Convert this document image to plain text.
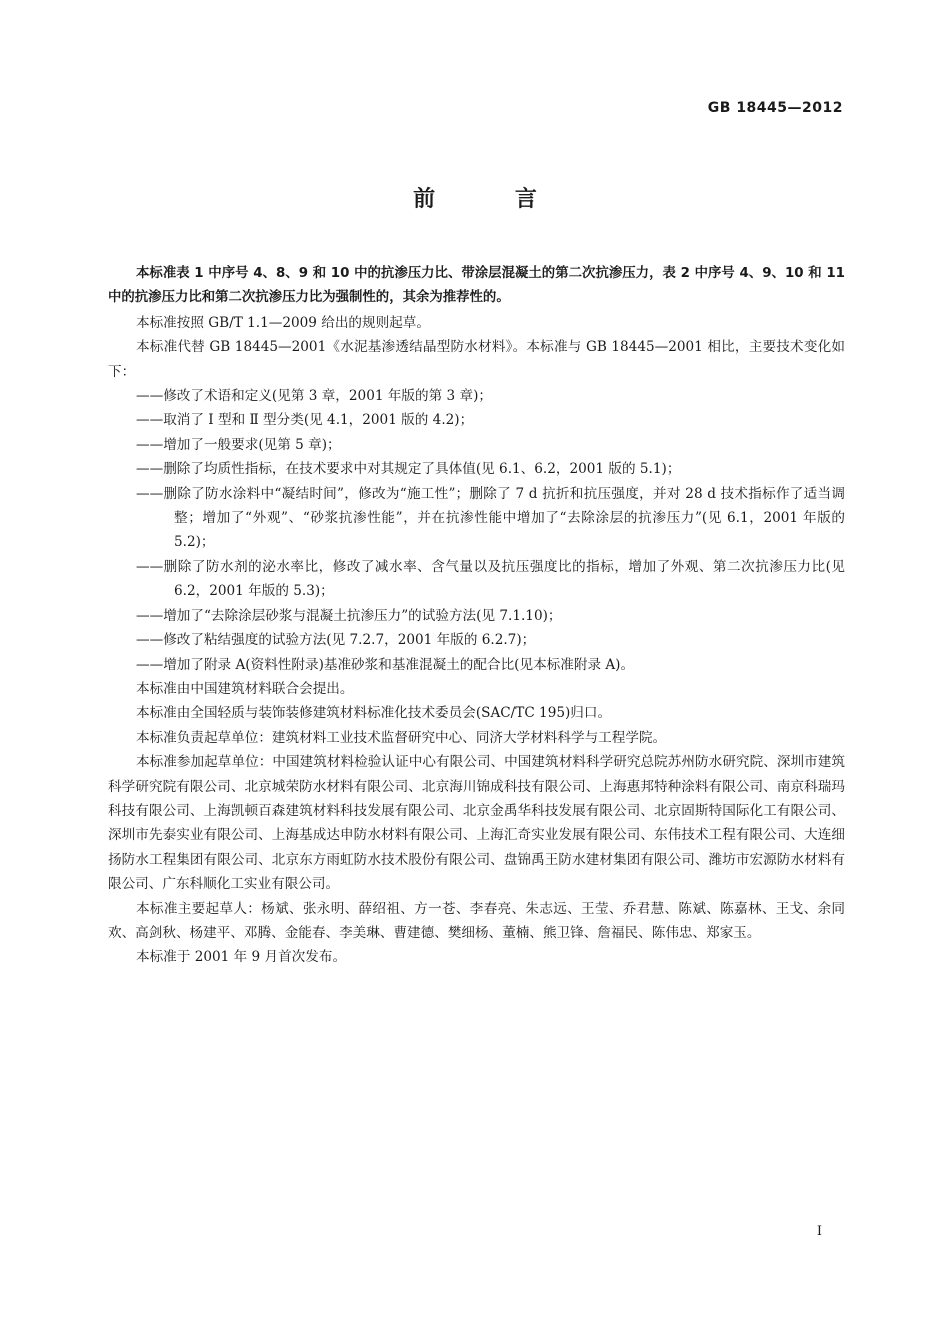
GB 18445—2012
前 言

本标准表 1 中序号 4、8、9 和 10 中的抗渗压力比、带涂层混凝土的第二次抗渗压力，表 2 中序号 4、9、10 和 11 中的抗渗压力比和第二次抗渗压力比为强制性的，其余为推荐性的。

本标准按照 GB/T 1.1—2009 给出的规则起草。

本标准代替 GB 18445—2001《水泥基渗透结晶型防水材料》。本标准与 GB 18445—2001 相比，主要技术变化如下：

——修改了术语和定义(见第 3 章，2001 年版的第 3 章)；

——取消了 Ⅰ 型和 Ⅱ 型分类(见 4.1，2001 版的 4.2)；

——增加了一般要求(见第 5 章)；

——删除了均质性指标，在技术要求中对其规定了具体值(见 6.1、6.2，2001 版的 5.1)；

——删除了防水涂料中“凝结时间”，修改为“施工性”；删除了 7 d 抗折和抗压强度，并对 28 d 技术指标作了适当调整；增加了“外观”、“砂浆抗渗性能”，并在抗渗性能中增加了“去除涂层的抗渗压力”(见 6.1，2001 年版的 5.2)；

——删除了防水剂的泌水率比，修改了减水率、含气量以及抗压强度比的指标，增加了外观、第二次抗渗压力比(见 6.2，2001 年版的 5.3)；

——增加了“去除涂层砂浆与混凝土抗渗压力”的试验方法(见 7.1.10)；

——修改了粘结强度的试验方法(见 7.2.7，2001 年版的 6.2.7)；

——增加了附录 A(资料性附录)基准砂浆和基准混凝土的配合比(见本标准附录 A)。

本标准由中国建筑材料联合会提出。

本标准由全国轻质与装饰装修建筑材料标准化技术委员会(SAC/TC 195)归口。

本标准负责起草单位：建筑材料工业技术监督研究中心、同济大学材料科学与工程学院。

本标准参加起草单位：中国建筑材料检验认证中心有限公司、中国建筑材料科学研究总院苏州防水研究院、深圳市建筑科学研究院有限公司、北京城荣防水材料有限公司、北京海川锦成科技有限公司、上海惠邦特种涂料有限公司、南京科瑞玛科技有限公司、上海凯顿百森建筑材料科技发展有限公司、北京金禹华科技发展有限公司、北京固斯特国际化工有限公司、深圳市先泰实业有限公司、上海基成达申防水材料有限公司、上海汇奇实业发展有限公司、东伟技术工程有限公司、大连细扬防水工程集团有限公司、北京东方雨虹防水技术股份有限公司、盘锦禹王防水建材集团有限公司、潍坊市宏源防水材料有限公司、广东科顺化工实业有限公司。

本标准主要起草人：杨斌、张永明、薛绍祖、方一苍、李春亮、朱志远、王莹、乔君慧、陈斌、陈嘉林、王戈、余同欢、高剑秋、杨建平、邓腾、金能春、李美琳、曹建德、樊细杨、董楠、熊卫锋、詹福民、陈伟忠、郑家玉。

本标准于 2001 年 9 月首次发布。

I
